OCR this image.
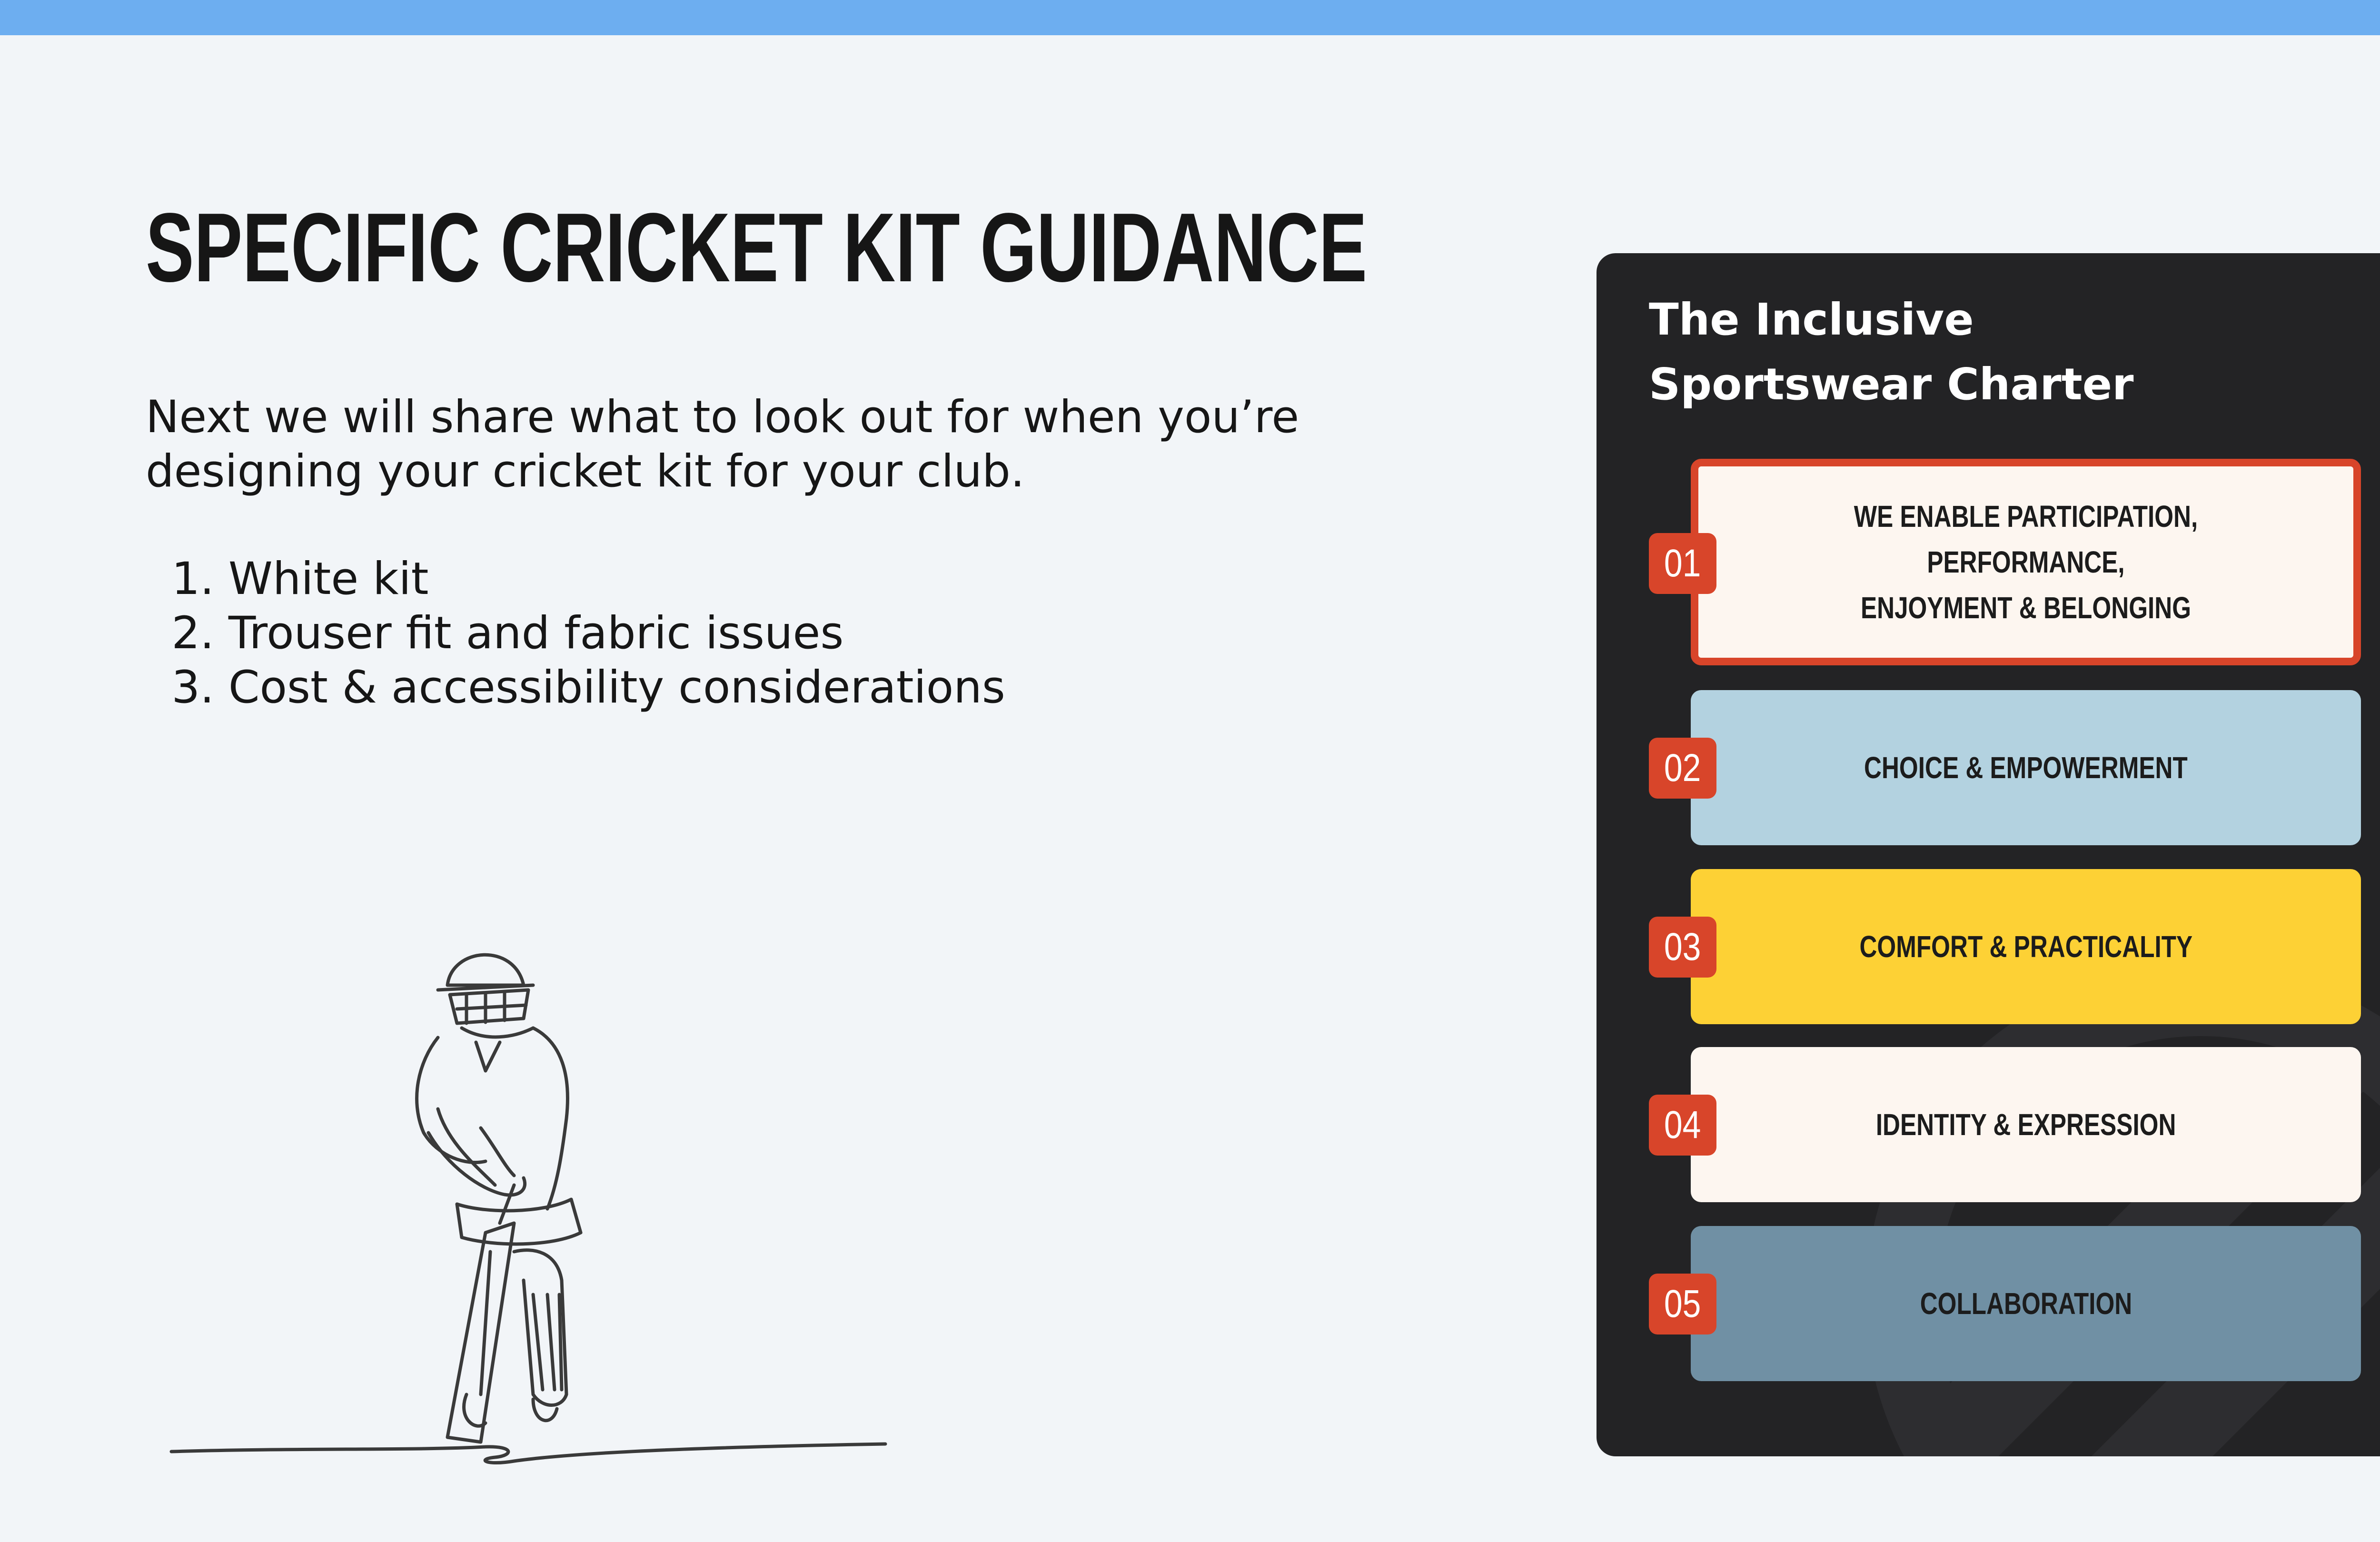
SPECIFIC CRICKET KIT GUIDANCE

Next we will share what to look out for when you’re designing your cricket kit for your club.

1. White kit
2. Trouser fit and fabric issues
3. Cost & accessibility considerations
The Inclusive
Sportswear Charter
WE ENABLE PARTICIPATION, PERFORMANCE,
ENJOYMENT & BELONGING
01
CHOICE & EMPOWERMENT
02
COMFORT & PRACTICALITY
03
IDENTITY & EXPRESSION
04
COLLABORATION
05
